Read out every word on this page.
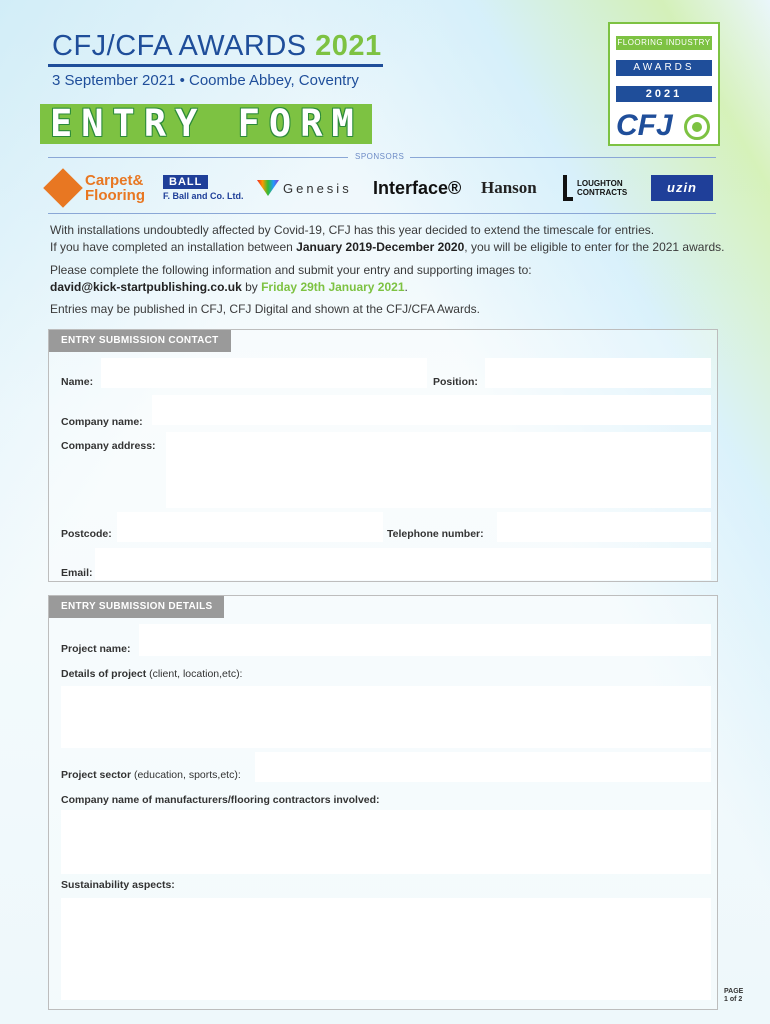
CFJ/CFA AWARDS 2021
3 September 2021 • Coombe Abbey, Coventry
ENTRY FORM
FLOORING INDUSTRY
AWARDS
2021
CFJ
SPONSORS
Carpet& Flooring
BALL
F. Ball and Co. Ltd.
Genesis Interface® Hanson	LOUGHTON CONTRACTS	uzin
With installations undoubtedly affected by Covid-19, CFJ has this year decided to extend the timescale for entries.
If you have completed an installation between January 2019-December 2020, you will be eligible to enter for the 2021 awards.
Please complete the following information and submit your entry and supporting images to:
david@kick-startpublishing.co.uk by Friday 29th January 2021.
Entries may be published in CFJ, CFJ Digital and shown at the CFJ/CFA Awards.
ENTRY SUBMISSION CONTACT
Name:	Position:
Company name:
Company address:
Postcode:	Telephone number:
Email:
ENTRY SUBMISSION DETAILS
Project name:
Details of project (client, location,etc):
Project sector (education, sports,etc):
Company name of manufacturers/flooring contractors involved:
Sustainability aspects:
PAGE
1 of 2
